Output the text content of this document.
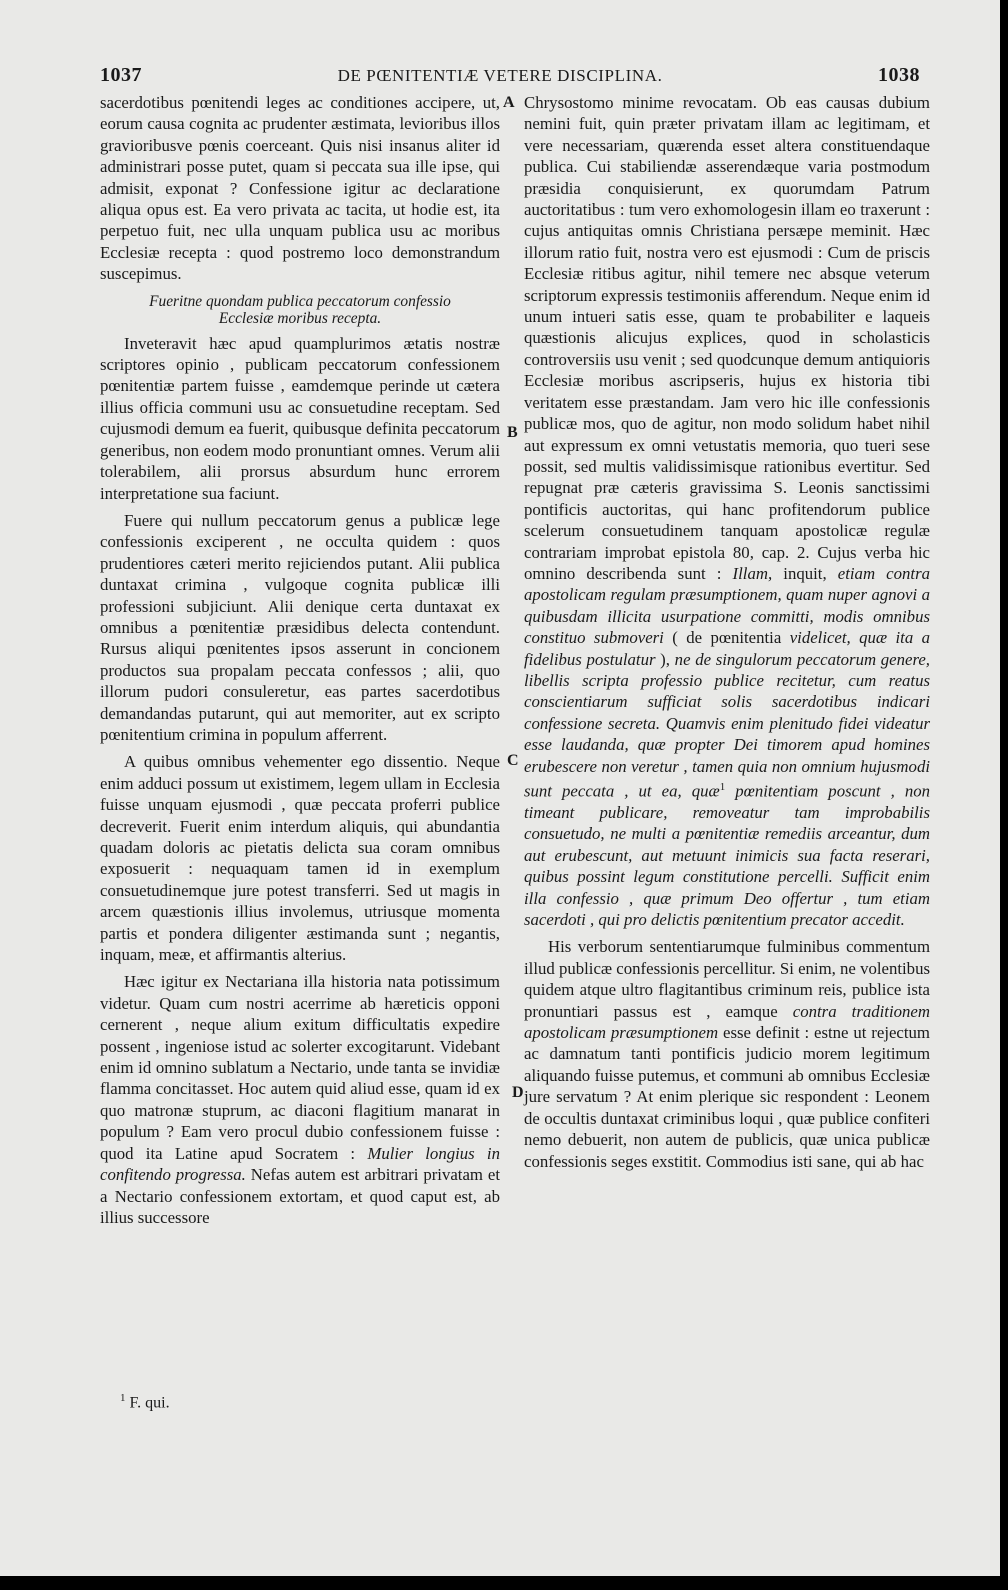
1037	DE PŒNITENTIÆ VETERE DISCIPLINA.	1038
A
B
C
D

sacerdotibus pœnitendi leges ac conditiones accipere, ut, eorum causa cognita ac prudenter æstimata, levioribus illos gravioribusve pœnis coerceant. Quis nisi insanus aliter id administrari posse putet, quam si peccata sua ille ipse, qui admisit, exponat ? Confessione igitur ac declaratione aliqua opus est. Ea vero privata ac tacita, ut hodie est, ita perpetuo fuit, nec ulla unquam publica usu ac moribus Ecclesiæ recepta : quod postremo loco demonstrandum suscepimus.

Fueritne quondam publica peccatorum confessio
Ecclesiæ moribus recepta.

Inveteravit hæc apud quamplurimos ætatis nostræ scriptores opinio , publicam peccatorum confessionem pœnitentiæ partem fuisse , eamdemque perinde ut cætera illius officia communi usu ac consuetudine receptam. Sed cujusmodi demum ea fuerit, quibusque definita peccatorum generibus, non eodem modo pronuntiant omnes. Verum alii tolerabilem, alii prorsus absurdum hunc errorem interpretatione sua faciunt.

Fuere qui nullum peccatorum genus a publicæ lege confessionis exciperent , ne occulta quidem : quos prudentiores cæteri merito rejiciendos putant. Alii publica duntaxat crimina , vulgoque cognita publicæ illi professioni subjiciunt. Alii denique certa duntaxat ex omnibus a pœnitentiæ præsidibus delecta contendunt. Rursus aliqui pœnitentes ipsos asserunt in concionem productos sua propalam peccata confessos ; alii, quo illorum pudori consuleretur, eas partes sacerdotibus demandandas putarunt, qui aut memoriter, aut ex scripto pœnitentium crimina in populum afferrent.

A quibus omnibus vehementer ego dissentio. Neque enim adduci possum ut existimem, legem ullam in Ecclesia fuisse unquam ejusmodi , quæ peccata proferri publice decreverit. Fuerit enim interdum aliquis, qui abundantia quadam doloris ac pietatis delicta sua coram omnibus exposuerit : nequaquam tamen id in exemplum consuetudinemque jure potest transferri. Sed ut magis in arcem quæstionis illius involemus, utriusque momenta partis et pondera diligenter æstimanda sunt ; negantis, inquam, meæ, et affirmantis alterius.

Hæc igitur ex Nectariana illa historia nata potissimum videtur. Quam cum nostri acerrime ab hæreticis opponi cernerent , neque alium exitum difficultatis expedire possent , ingeniose istud ac solerter excogitarunt. Videbant enim id omnino sublatum a Nectario, unde tanta se invidiæ flamma concitasset. Hoc autem quid aliud esse, quam id ex quo matronæ stuprum, ac diaconi flagitium manarat in populum ? Eam vero procul dubio confessionem fuisse : quod ita Latine apud Socratem : Mulier longius in confitendo progressa. Nefas autem est arbitrari privatam et a Nectario confessionem extortam, et quod caput est, ab illius successore

Chrysostomo minime revocatam. Ob eas causas dubium nemini fuit, quin præter privatam illam ac legitimam, et vere necessariam, quærenda esset altera constituendaque publica. Cui stabiliendæ asserendæque varia postmodum præsidia conquisierunt, ex quorumdam Patrum auctoritatibus : tum vero exhomologesin illam eo traxerunt : cujus antiquitas omnis Christiana persæpe meminit. Hæc illorum ratio fuit, nostra vero est ejusmodi : Cum de priscis Ecclesiæ ritibus agitur, nihil temere nec absque veterum scriptorum expressis testimoniis afferendum. Neque enim id unum intueri satis esse, quam te probabiliter e laqueis quæstionis alicujus explices, quod in scholasticis controversiis usu venit ; sed quodcunque demum antiquioris Ecclesiæ moribus ascripseris, hujus ex historia tibi veritatem esse præstandam. Jam vero hic ille confessionis publicæ mos, quo de agitur, non modo solidum habet nihil aut expressum ex omni vetustatis memoria, quo tueri sese possit, sed multis validissimisque rationibus evertitur. Sed repugnat præ cæteris gravissima S. Leonis sanctissimi pontificis auctoritas, qui hanc profitendorum publice scelerum consuetudinem tanquam apostolicæ regulæ contrariam improbat epistola 80, cap. 2. Cujus verba hic omnino describenda sunt : Illam, inquit, etiam contra apostolicam regulam præsumptionem, quam nuper agnovi a quibusdam illicita usurpatione committi, modis omnibus constituo submoveri ( de pœnitentia videlicet, quæ ita a fidelibus postulatur ), ne de singulorum peccatorum genere, libellis scripta professio publice recitetur, cum reatus conscientiarum sufficiat solis sacerdotibus indicari confessione secreta. Quamvis enim plenitudo fidei videatur esse laudanda, quæ propter Dei timorem apud homines erubescere non veretur , tamen quia non omnium hujusmodi sunt peccata , ut ea, quæ$^1$ pœnitentiam poscunt , non timeant publicare, removeatur tam improbabilis consuetudo, ne multi a pœnitentiæ remediis arceantur, dum aut erubescunt, aut metuunt inimicis sua facta reserari, quibus possint legum constitutione percelli. Sufficit enim illa confessio , quæ primum Deo offertur , tum etiam sacerdoti , qui pro delictis pœnitentium precator accedit.

His verborum sententiarumque fulminibus commentum illud publicæ confessionis percellitur. Si enim, ne volentibus quidem atque ultro flagitantibus criminum reis, publice ista pronuntiari passus est , eamque contra traditionem apostolicam præsumptionem esse definit : estne ut rejectum ac damnatum tanti pontificis judicio morem legitimum aliquando fuisse putemus, et communi ab omnibus Ecclesiæ jure servatum ? At enim plerique sic respondent : Leonem de occultis duntaxat criminibus loqui , quæ publice confiteri nemo debuerit, non autem de publicis, quæ unica publicæ confessionis seges exstitit. Commodius isti sane, qui ab hac

$^1$ F. qui.
